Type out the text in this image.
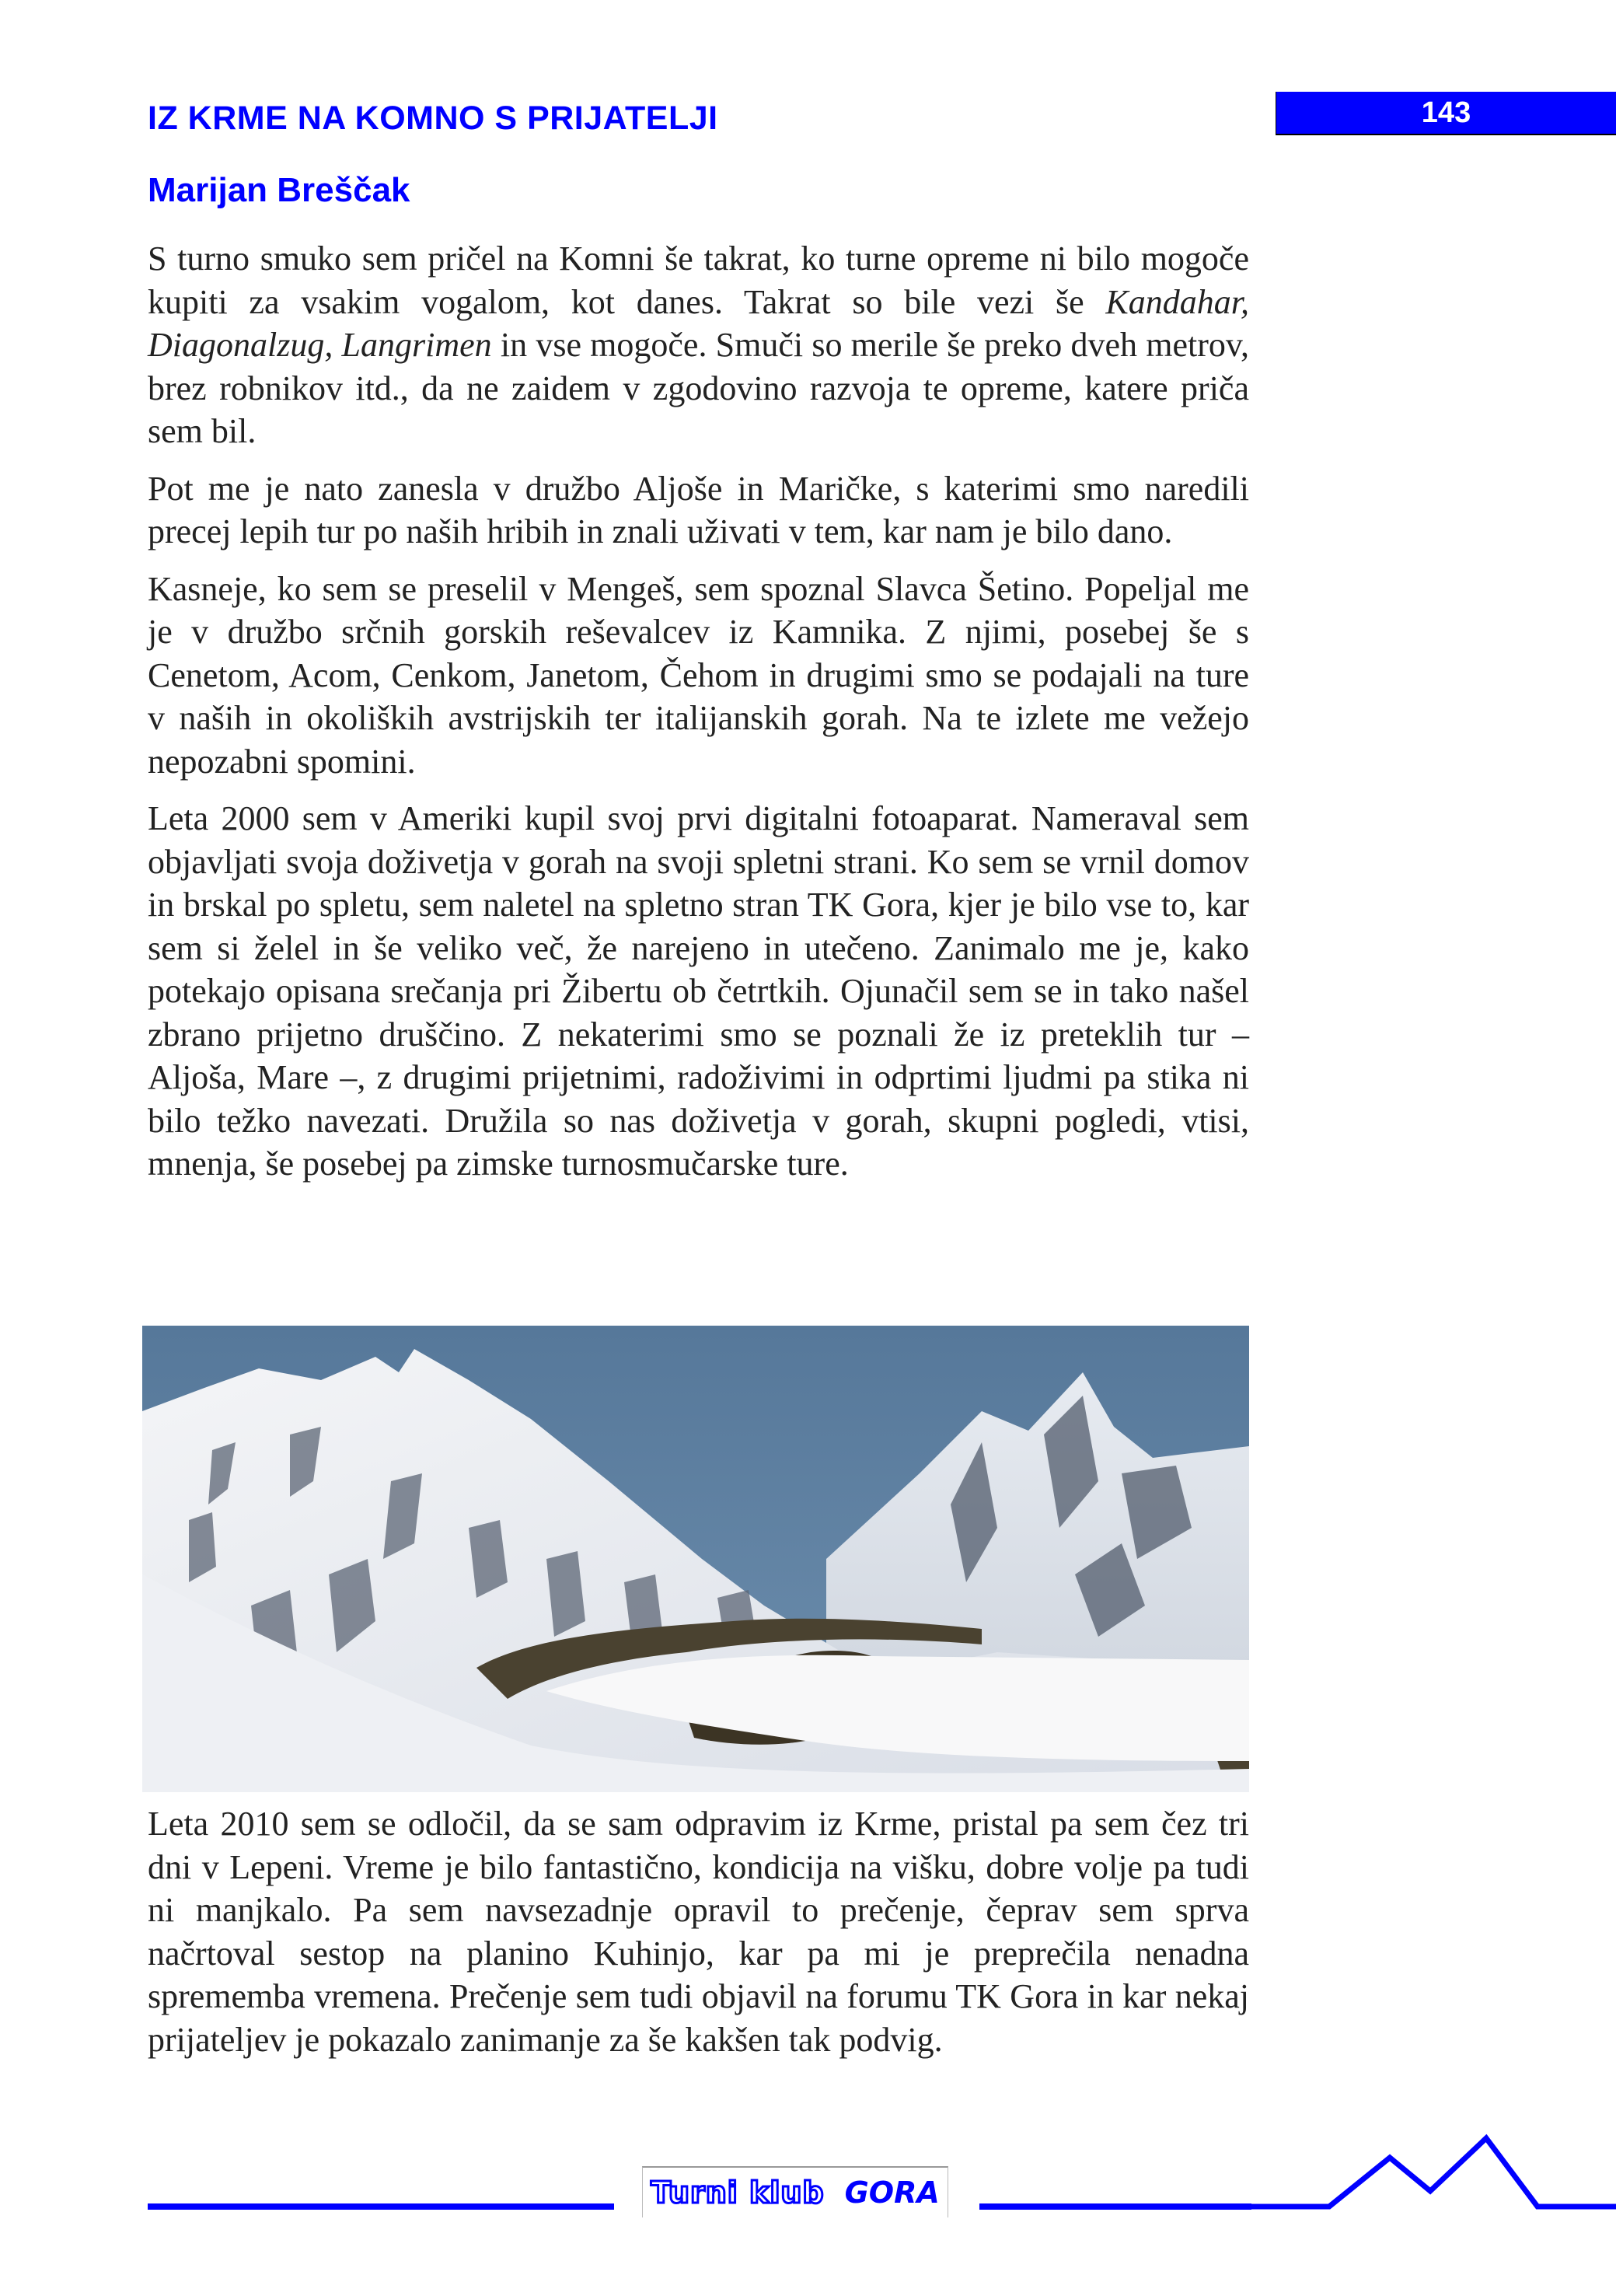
IZ KRME NA KOMNO S PRIJATELJI	143
Marijan Breščak

S turno smuko sem pričel na Komni še takrat, ko turne opreme ni bilo mogoče kupiti za vsakim vogalom, kot danes. Takrat so bile vezi še Kandahar, Diagonalzug, Langrimen in vse mogoče. Smuči so merile še preko dveh metrov, brez robnikov itd., da ne zaidem v zgodovino razvoja te opreme, katere priča sem bil.

Pot me je nato zanesla v družbo Aljoše in Maričke, s katerimi smo naredili precej lepih tur po naših hribih in znali uživati v tem, kar nam je bilo dano.

Kasneje, ko sem se preselil v Mengeš, sem spoznal Slavca Šetino. Popeljal me je v družbo srčnih gorskih reševalcev iz Kamnika. Z njimi, posebej še s Cenetom, Acom, Cenkom, Janetom, Čehom in drugimi smo se podajali na ture v naših in okoliških avstrijskih ter italijanskih gorah. Na te izlete me vežejo nepozabni spomini.

Leta 2000 sem v Ameriki kupil svoj prvi digitalni fotoaparat. Nameraval sem objavljati svoja doživetja v gorah na svoji spletni strani. Ko sem se vrnil domov in brskal po spletu, sem naletel na spletno stran TK Gora, kjer je bilo vse to, kar sem si želel in še veliko več, že narejeno in utečeno. Zanimalo me je, kako potekajo opisana srečanja pri Žibertu ob četrtkih. Ojunačil sem se in tako našel zbrano prijetno druščino. Z nekaterimi smo se poznali že iz preteklih tur – Aljoša, Mare –, z drugimi prijetnimi, radoživimi in odprtimi ljudmi pa stika ni bilo težko navezati. Družila so nas doživetja v gorah, skupni pogledi, vtisi, mnenja, še posebej pa zimske turnosmučarske ture.

Leta 2010 sem se odločil, da se sam odpravim iz Krme, pristal pa sem čez tri dni v Lepeni. Vreme je bilo fantastično, kondicija na višku, dobre volje pa tudi ni manjkalo. Pa sem navsezadnje opravil to prečenje, čeprav sem sprva načrtoval sestop na planino Kuhinjo, kar pa mi je preprečila nenadna sprememba vremena. Prečenje sem tudi objavil na forumu TK Gora in kar nekaj prijateljev je pokazalo zanimanje za še kakšen tak podvig.

Turni klub GORA
